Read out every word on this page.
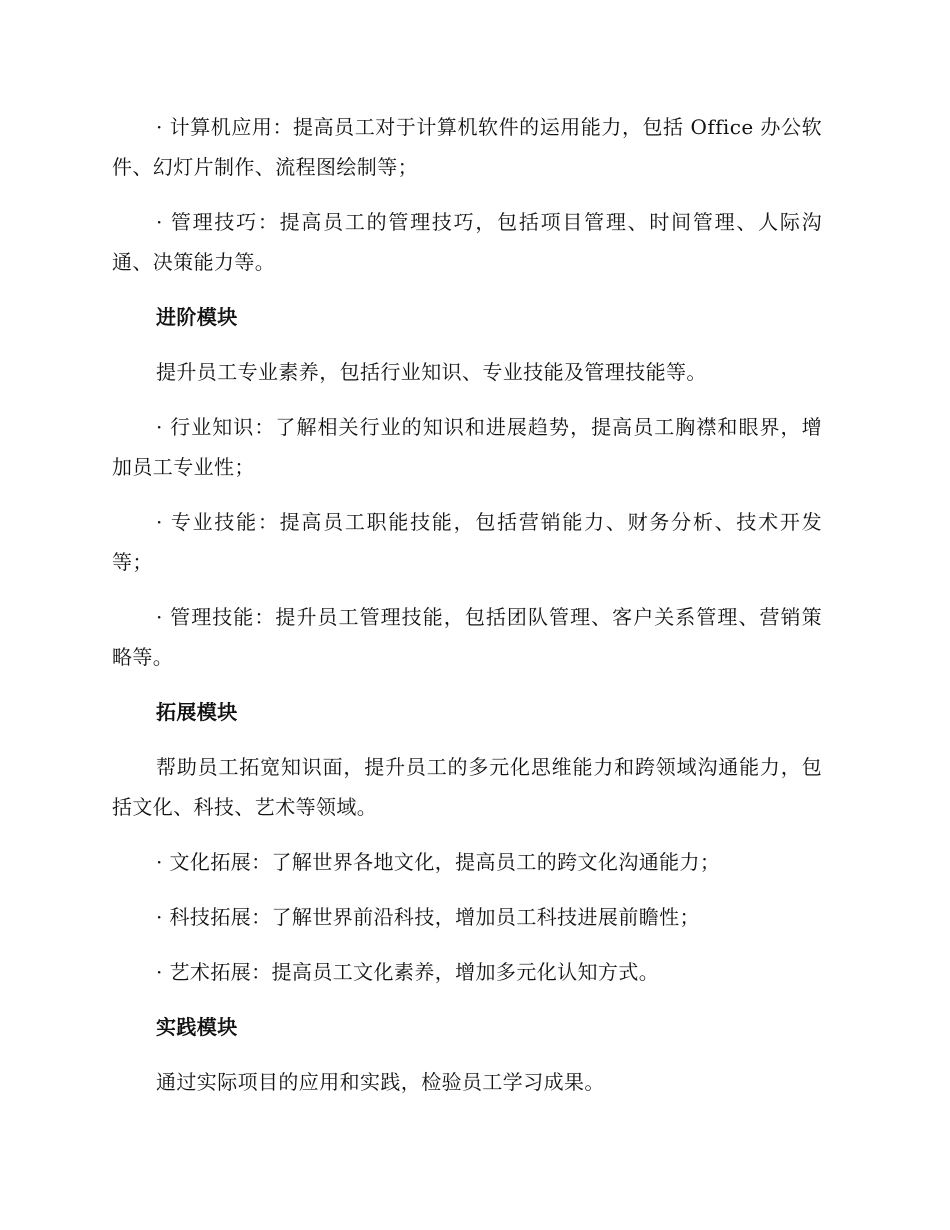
· 计算机应用：提高员工对于计算机软件的运用能力，包括 Office 办公软件、幻灯片制作、流程图绘制等；

· 管理技巧：提高员工的管理技巧，包括项目管理、时间管理、人际沟通、决策能力等。

进阶模块

提升员工专业素养，包括行业知识、专业技能及管理技能等。

· 行业知识：了解相关行业的知识和进展趋势，提高员工胸襟和眼界，增加员工专业性；

· 专业技能：提高员工职能技能，包括营销能力、财务分析、技术开发等；

· 管理技能：提升员工管理技能，包括团队管理、客户关系管理、营销策略等。

拓展模块

帮助员工拓宽知识面，提升员工的多元化思维能力和跨领域沟通能力，包括文化、科技、艺术等领域。

· 文化拓展：了解世界各地文化，提高员工的跨文化沟通能力；

· 科技拓展：了解世界前沿科技，增加员工科技进展前瞻性；

· 艺术拓展：提高员工文化素养，增加多元化认知方式。

实践模块

通过实际项目的应用和实践，检验员工学习成果。
